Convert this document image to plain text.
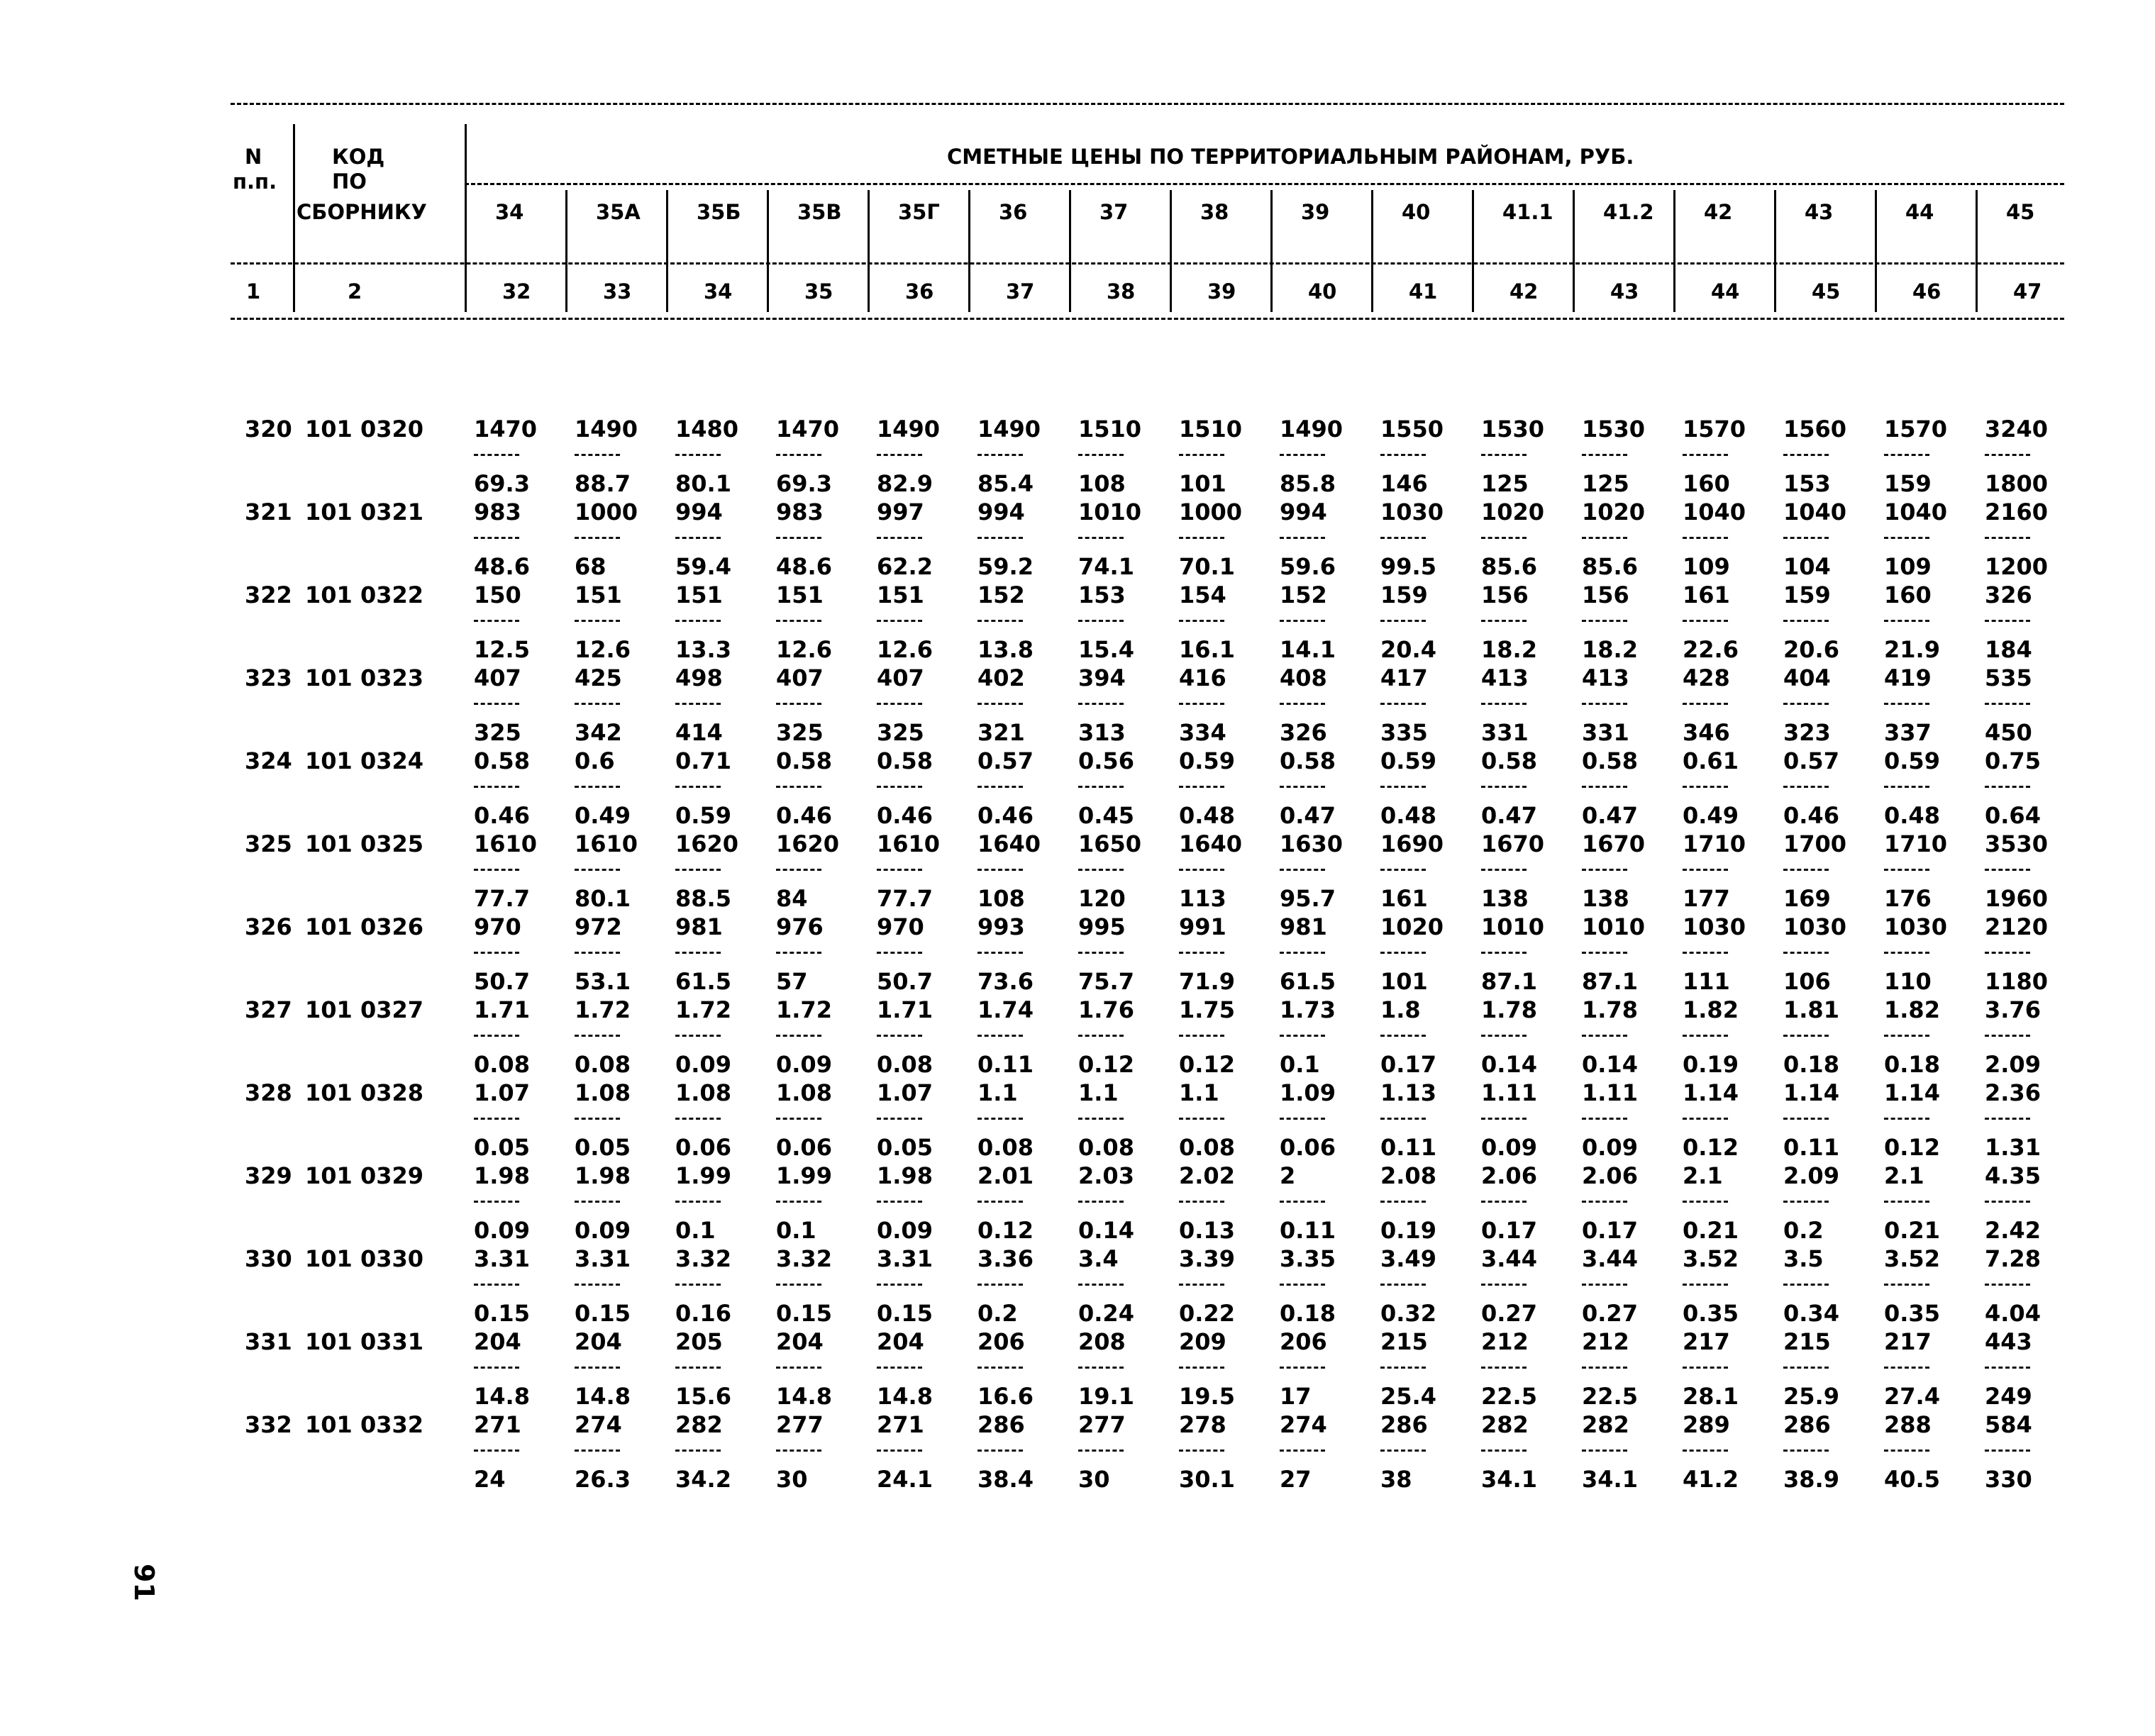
N
п.п.
КОД
ПО
СБОРНИКУ
СМЕТНЫЕ ЦЕНЫ ПО ТЕРРИТОРИАЛЬНЫМ РАЙОНАМ, РУБ.
1	2
34
32
35А
33
35Б
34
35В
35
35Г
36
36
37
37
38
38
39
39
40
40
41
41.1
42
41.2
43
42
44
43
45
44
46
45
47
320 101 0320 1470
69.3
1490
88.7
1480
80.1
1470
69.3
1490
82.9
1490
85.4
1510
108
1510
101
1490
85.8
1550
146
1530
125
1530
125
1570
160
1560
153
1570
159
3240
1800
321 101 0321 983
48.6
1000
68
994
59.4
983
48.6
997
62.2
994
59.2
1010
74.1
1000
70.1
994
59.6
1030
99.5
1020
85.6
1020
85.6
1040
109
1040
104
1040
109
2160
1200
322 101 0322 150
12.5
151
12.6
151
13.3
151
12.6
151
12.6
152
13.8
153
15.4
154
16.1
152
14.1
159
20.4
156
18.2
156
18.2
161
22.6
159
20.6
160
21.9
326
184
323 101 0323 407
325
425
342
498
414
407
325
407
325
402
321
394
313
416
334
408
326
417
335
413
331
413
331
428
346
404
323
419
337
535
450
324 101 0324 0.58
0.46
0.6
0.49
0.71
0.59
0.58
0.46
0.58
0.46
0.57
0.46
0.56
0.45
0.59
0.48
0.58
0.47
0.59
0.48
0.58
0.47
0.58
0.47
0.61
0.49
0.57
0.46
0.59
0.48
0.75
0.64
325 101 0325 1610
77.7
1610
80.1
1620
88.5
1620
84
1610
77.7
1640
108
1650
120
1640
113
1630
95.7
1690
161
1670
138
1670
138
1710
177
1700
169
1710
176
3530
1960
326 101 0326 970
50.7
972
53.1
981
61.5
976
57
970
50.7
993
73.6
995
75.7
991
71.9
981
61.5
1020
101
1010
87.1
1010
87.1
1030
111
1030
106
1030
110
2120
1180
327 101 0327 1.71
0.08
1.72
0.08
1.72
0.09
1.72
0.09
1.71
0.08
1.74
0.11
1.76
0.12
1.75
0.12
1.73
0.1
1.8
0.17
1.78
0.14
1.78
0.14
1.82
0.19
1.81
0.18
1.82
0.18
3.76
2.09
328 101 0328 1.07
0.05
1.08
0.05
1.08
0.06
1.08
0.06
1.07
0.05
1.1
0.08
1.1
0.08
1.1
0.08
1.09
0.06
1.13
0.11
1.11
0.09
1.11
0.09
1.14
0.12
1.14
0.11
1.14
0.12
2.36
1.31
329 101 0329 1.98
0.09
1.98
0.09
1.99
0.1
1.99
0.1
1.98
0.09
2.01
0.12
2.03
0.14
2.02
0.13
2
0.11
2.08
0.19
2.06
0.17
2.06
0.17
2.1
0.21
2.09
0.2
2.1
0.21
4.35
2.42
330 101 0330 3.31
0.15
3.31
0.15
3.32
0.16
3.32
0.15
3.31
0.15
3.36
0.2
3.4
0.24
3.39
0.22
3.35
0.18
3.49
0.32
3.44
0.27
3.44
0.27
3.52
0.35
3.5
0.34
3.52
0.35
7.28
4.04
331 101 0331 204
14.8
204
14.8
205
15.6
204
14.8
204
14.8
206
16.6
208
19.1
209
19.5
206
17
215
25.4
212
22.5
212
22.5
217
28.1
215
25.9
217
27.4
443
249
332 101 0332 271
24
274
26.3
282
34.2
277
30
271
24.1
286
38.4
277
30
278
30.1
274
27
286
38
282
34.1
282
34.1
289
41.2
286
38.9
288
40.5
584
330
91
